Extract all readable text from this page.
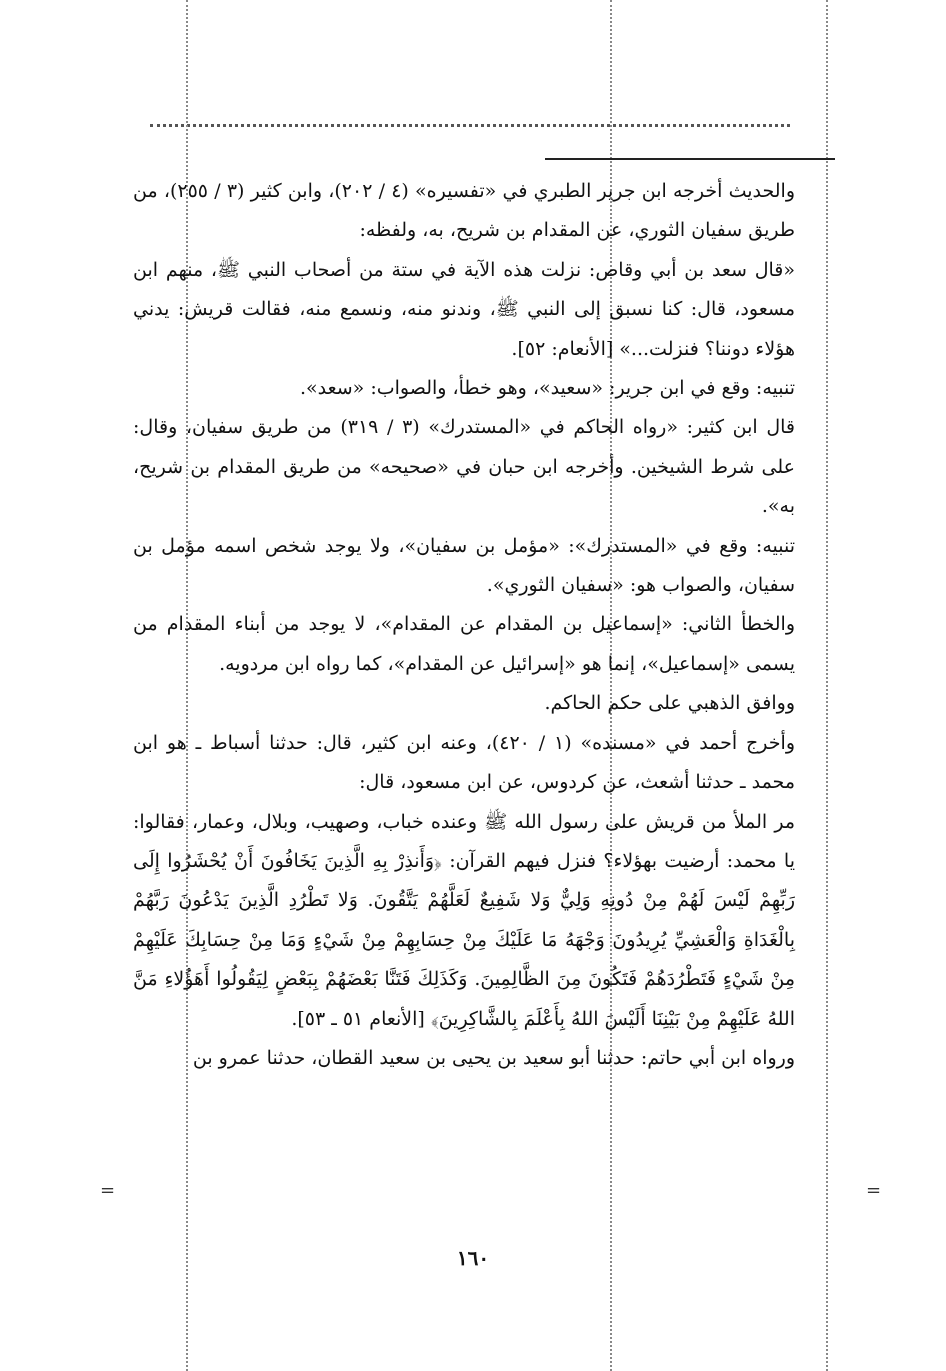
والحديث أخرجه ابن جرير الطبري في «تفسيره» (٤ / ٢٠٢)، وابن كثير (٣ / ٢٥٥)، من طريق سفيان الثوري، عن المقدام بن شريح، به، ولفظه:

«قال سعد بن أبي وقاص: نزلت هذه الآية في ستة من أصحاب النبي ﷺ، منهم ابن مسعود، قال: كنا نسبق إلى النبي ﷺ، وندنو منه، ونسمع منه، فقالت قريش: يدني هؤلاء دوننا؟ فنزلت...» [الأنعام: ٥٢].

تنبيه: وقع في ابن جرير: «سعيد»، وهو خطأ، والصواب: «سعد».

قال ابن كثير: «رواه الحاكم في «المستدرك» (٣ / ٣١٩) من طريق سفيان، وقال: على شرط الشيخين. وأخرجه ابن حبان في «صحيحه» من طريق المقدام بن شريح، به».

تنبيه: وقع في «المستدرك»: «مؤمل بن سفيان»، ولا يوجد شخص اسمه مؤمل بن سفيان، والصواب هو: «سفيان الثوري».

والخطأ الثاني: «إسماعيل بن المقدام عن المقدام»، لا يوجد من أبناء المقدام من يسمى «إسماعيل»، إنما هو «إسرائيل عن المقدام»، كما رواه ابن مردويه.

ووافق الذهبي على حكم الحاكم.

وأخرج أحمد في «مسنده» (١ / ٤٢٠)، وعنه ابن كثير، قال: حدثنا أسباط ـ هو ابن محمد ـ حدثنا أشعث، عن كردوس، عن ابن مسعود، قال:

مر الملأ من قريش على رسول الله ﷺ وعنده خباب، وصهيب، وبلال، وعمار، فقالوا: يا محمد: أرضيت بهؤلاء؟ فنزل فيهم القرآن: ﴿وَأَنذِرْ بِهِ الَّذِينَ يَخَافُونَ أَنْ يُحْشَرُوا إِلَى رَبِّهِمْ لَيْسَ لَهُمْ مِنْ دُونِهِ وَلِيٌّ وَلا شَفِيعٌ لَعَلَّهُمْ يَتَّقُونَ. وَلا تَطْرُدِ الَّذِينَ يَدْعُونَ رَبَّهُمْ بِالْغَدَاةِ وَالْعَشِيِّ يُرِيدُونَ وَجْهَهُ مَا عَلَيْكَ مِنْ حِسَابِهِمْ مِنْ شَيْءٍ وَمَا مِنْ حِسَابِكَ عَلَيْهِمْ مِنْ شَيْءٍ فَتَطْرُدَهُمْ فَتَكُونَ مِنَ الظَّالِمِينَ. وَكَذَلِكَ فَتَنَّا بَعْضَهُمْ بِبَعْضٍ لِيَقُولُوا أَهَؤُلاءِ مَنَّ اللهُ عَلَيْهِمْ مِنْ بَيْنِنَا أَلَيْسَ اللهُ بِأَعْلَمَ بِالشَّاكِرِينَ﴾ [الأنعام ٥١ ـ ٥٣].

ورواه ابن أبي حاتم: حدثنا أبو سعيد بن يحيى بن سعيد القطان، حدثنا عمرو بن

=	=
١٦٠
